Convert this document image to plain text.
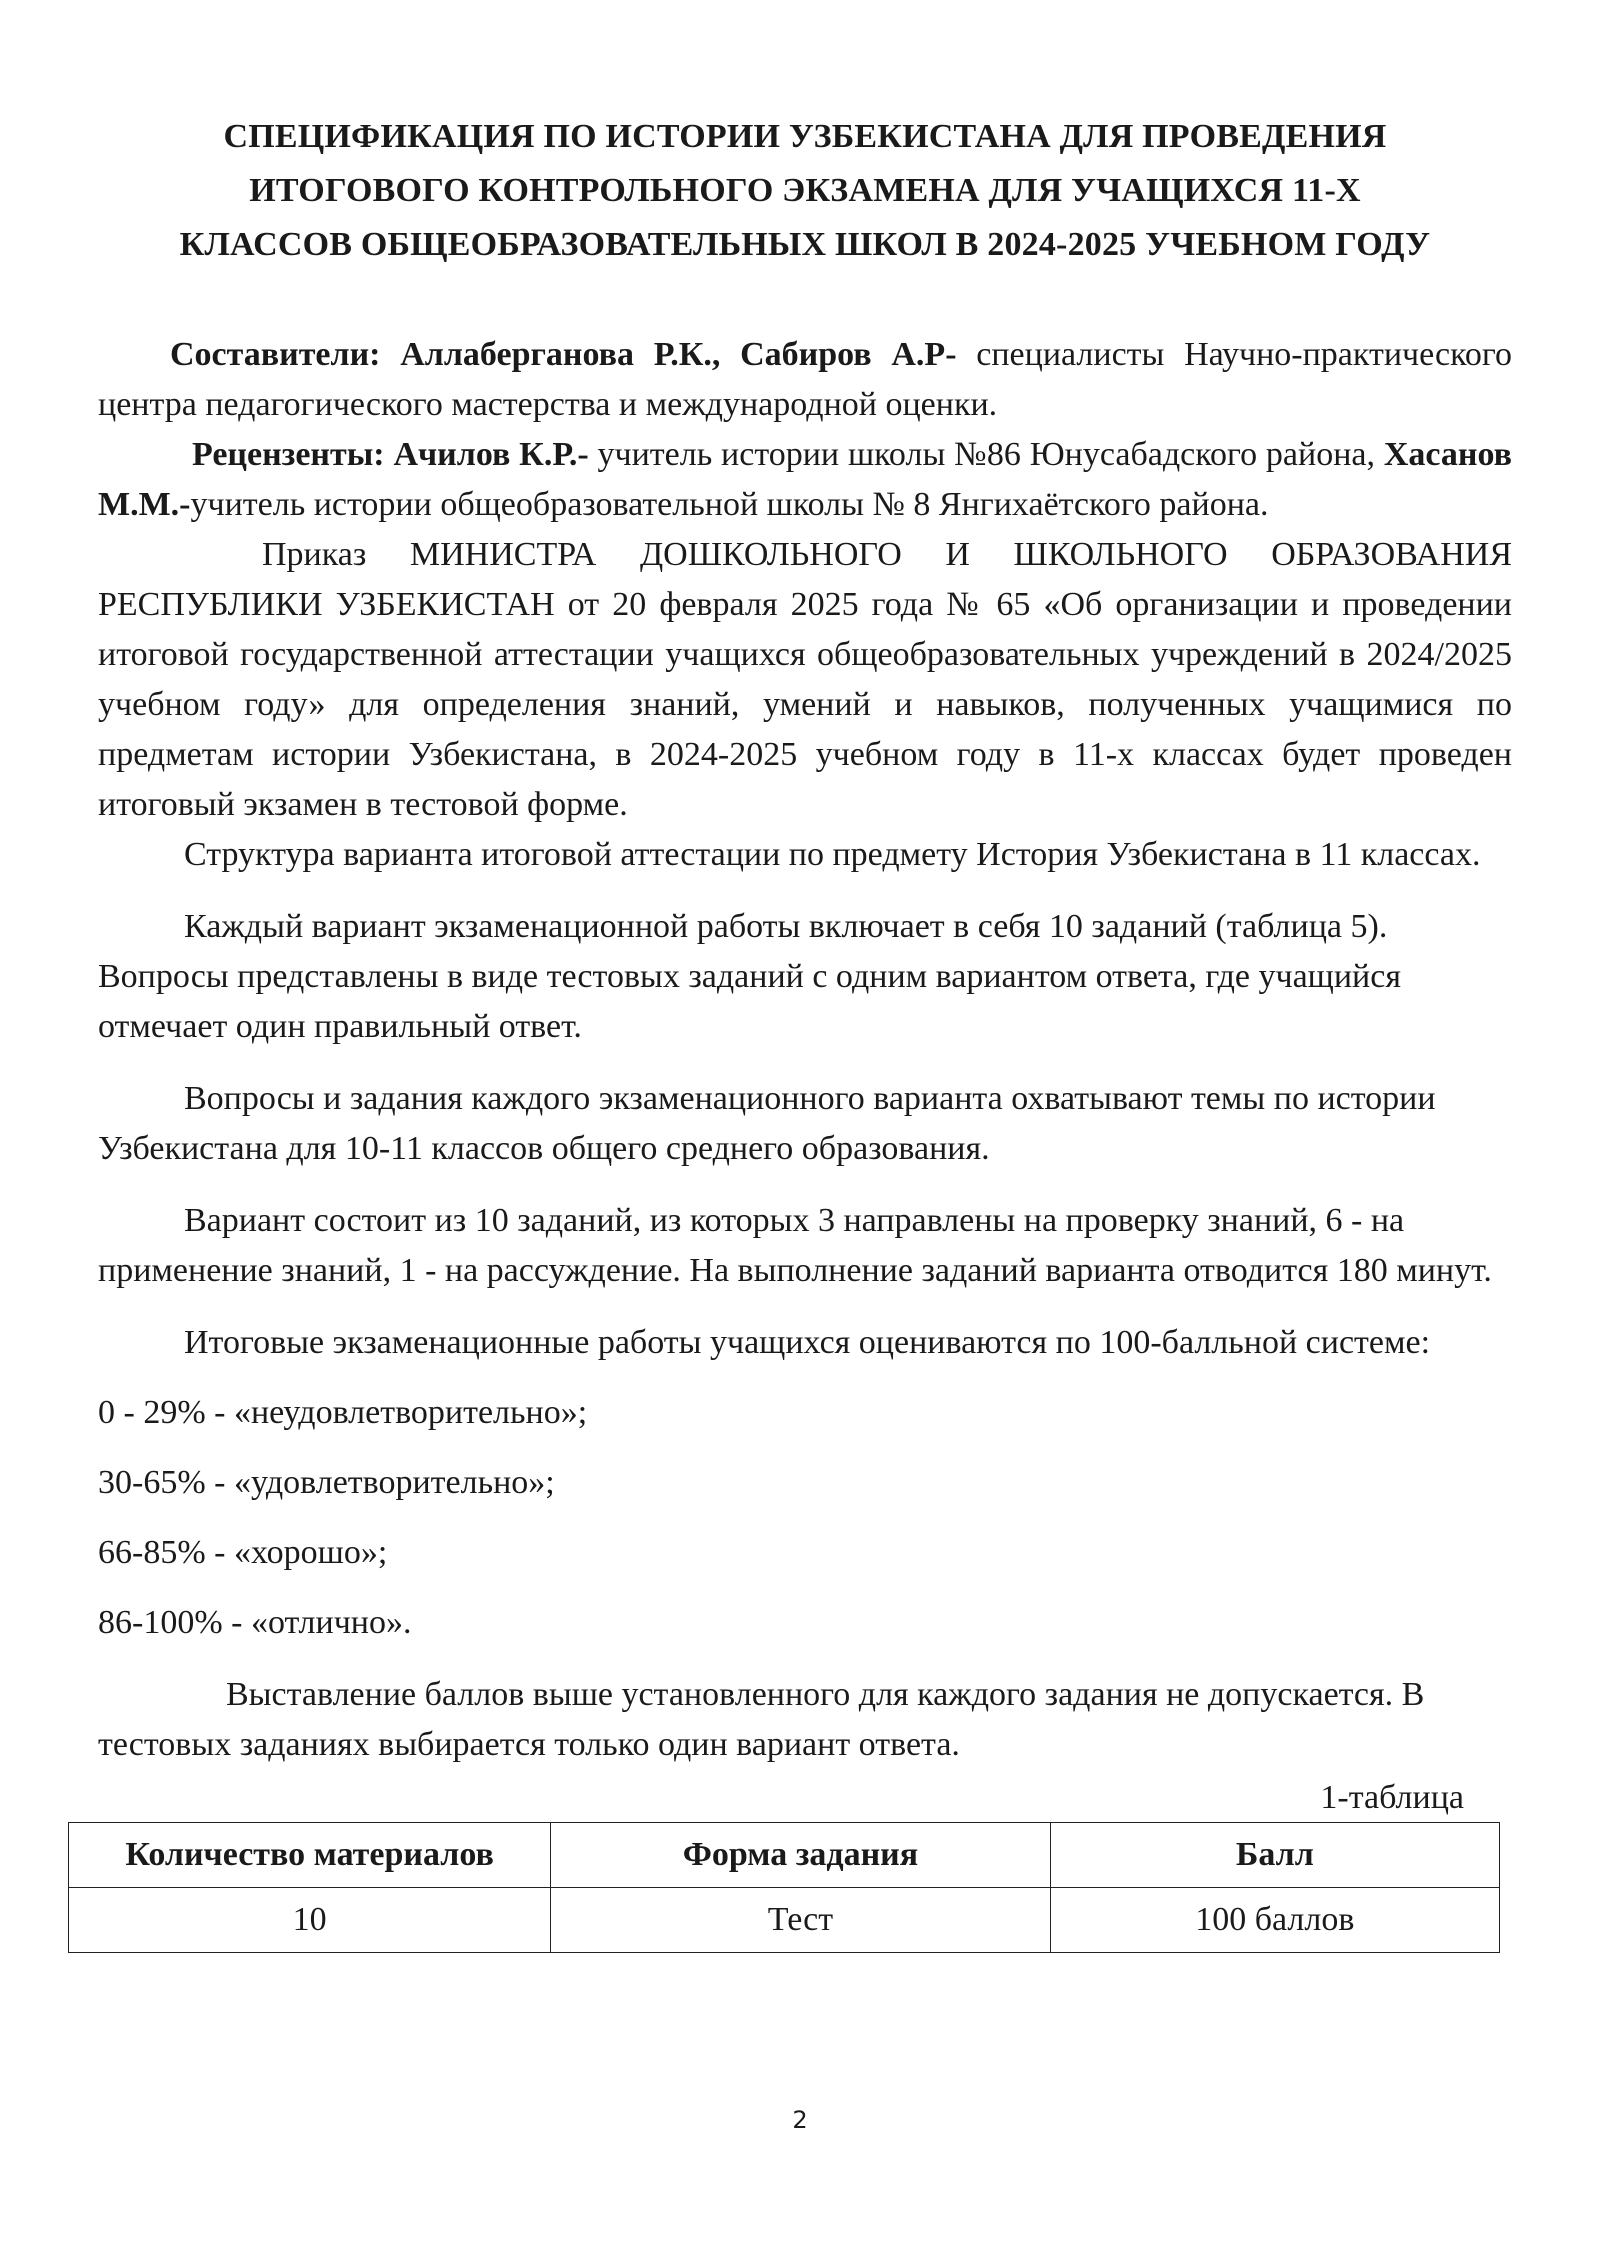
СПЕЦИФИКАЦИЯ ПО ИСТОРИИ УЗБЕКИСТАНА ДЛЯ ПРОВЕДЕНИЯ
ИТОГОВОГО КОНТРОЛЬНОГО ЭКЗАМЕНА ДЛЯ УЧАЩИХСЯ 11-Х
КЛАССОВ ОБЩЕОБРАЗОВАТЕЛЬНЫХ ШКОЛ В 2024-2025 УЧЕБНОМ ГОДУ

Составители: Аллаберганова Р.К., Сабиров А.Р- специалисты Научно-практического центра педагогического мастерства и международной оценки.

Рецензенты: Ачилов К.Р.- учитель истории школы №86 Юнусабадского района, Хасанов М.М.-учитель истории общеобразовательной школы № 8 Янгихаётского района.

Приказ МИНИСТРА ДОШКОЛЬНОГО И ШКОЛЬНОГО ОБРАЗОВАНИЯ РЕСПУБЛИКИ УЗБЕКИСТАН от 20 февраля 2025 года № 65 «Об организации и проведении итоговой государственной аттестации учащихся общеобразовательных учреждений в 2024/2025 учебном году» для определения знаний, умений и навыков, полученных учащимися по предметам истории Узбекистана, в 2024-2025 учебном году в 11-х классах будет проведен итоговый экзамен в тестовой форме.

Структура варианта итоговой аттестации по предмету История Узбекистана в 11 классах.

Каждый вариант экзаменационной работы включает в себя 10 заданий (таблица 5). Вопросы представлены в виде тестовых заданий с одним вариантом ответа, где учащийся отмечает один правильный ответ.

Вопросы и задания каждого экзаменационного варианта охватывают темы по истории Узбекистана для 10-11 классов общего среднего образования.

Вариант состоит из 10 заданий, из которых 3 направлены на проверку знаний, 6 - на применение знаний, 1 - на рассуждение. На выполнение заданий варианта отводится 180 минут.

Итоговые экзаменационные работы учащихся оцениваются по 100-балльной системе:

0 - 29% - «неудовлетворительно»;

30-65% - «удовлетворительно»;

66-85% - «хорошо»;

86-100% - «отлично».

Выставление баллов выше установленного для каждого задания не допускается. В тестовых заданиях выбирается только один вариант ответа.

1-таблица
Количество материалов	Форма задания	Балл
10	Тест	100 баллов
2
